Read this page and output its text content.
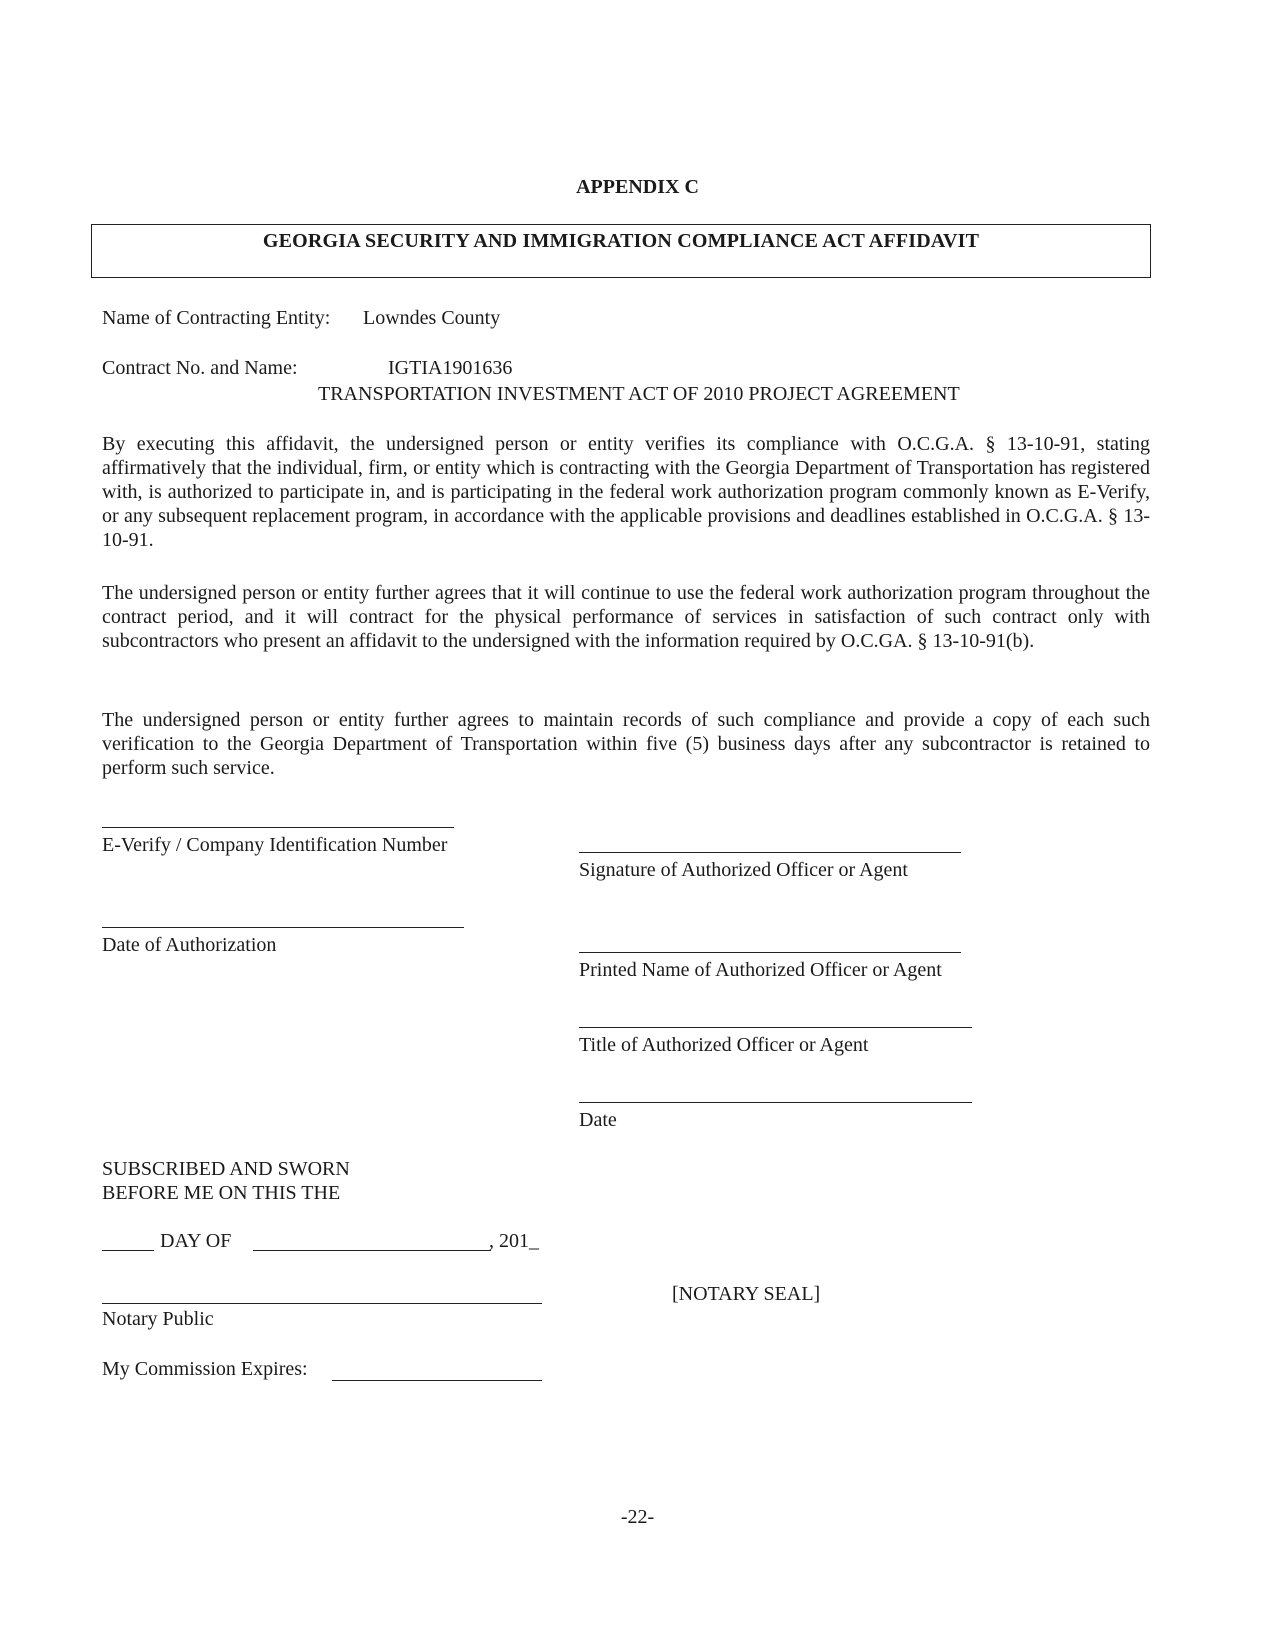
APPENDIX C
GEORGIA SECURITY AND IMMIGRATION COMPLIANCE ACT AFFIDAVIT
Name of Contracting Entity: Lowndes County
Contract No. and Name:	IGTIA1901636
TRANSPORTATION INVESTMENT ACT OF 2010 PROJECT AGREEMENT
By executing this affidavit, the undersigned person or entity verifies its compliance with O.C.G.A. § 13-10-91, stating affirmatively that the individual, firm, or entity which is contracting with the Georgia Department of Transportation has registered with, is authorized to participate in, and is participating in the federal work authorization program commonly known as E-Verify, or any subsequent replacement program, in accordance with the applicable provisions and deadlines established in O.C.G.A. § 13-10-91.
The undersigned person or entity further agrees that it will continue to use the federal work authorization program throughout the contract period, and it will contract for the physical performance of services in satisfaction of such contract only with subcontractors who present an affidavit to the undersigned with the information required by O.C.GA. § 13-10-91(b).
The undersigned person or entity further agrees to maintain records of such compliance and provide a copy of each such verification to the Georgia Department of Transportation within five (5) business days after any subcontractor is retained to perform such service.
E-Verify / Company Identification Number
Date of Authorization
Signature of Authorized Officer or Agent
Printed Name of Authorized Officer or Agent
Title of Authorized Officer or Agent
Date
SUBSCRIBED AND SWORN
BEFORE ME ON THIS THE
DAY OF	, 201_
Notary Public
[NOTARY SEAL]
My Commission Expires:
-22-
